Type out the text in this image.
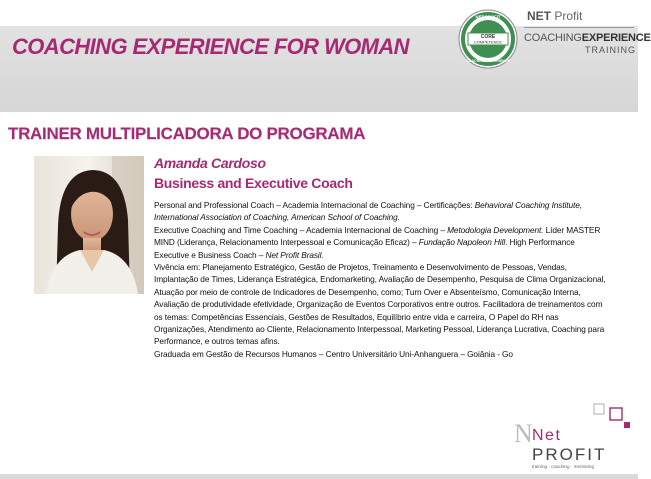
COACHING EXPERIENCE FOR WOMAN
NET PROFIT
CORE
COMPETENCE
COACHING EXPERIENCE
NET Profit
COACHINGEXPERIENCE
TRAINING
TRAINER MULTIPLICADORA DO PROGRAMA
Amanda Cardoso
Business and Executive Coach

Personal and Professional Coach – Academia Internacional de Coaching – Certificações: Behavioral Coaching Institute, International Association of Coaching, American School of Coaching.

Executive Coaching and Time Coaching – Academia Internacional de Coaching – Metodologia Development. Líder MASTER MIND (Liderança, Relacionamento Interpessoal e Comunicação Eficaz) – Fundação Napoleon Hill. High Performance Executive e Business Coach – Net Profit Brasil.

Vivência em: Planejamento Estratégico, Gestão de Projetos, Treinamento e Desenvolvimento de Pessoas, Vendas, Implantação de Times, Liderança Estratégica, Endomarketing, Avaliação de Desempenho, Pesquisa de Clima Organizacional, Atuação por meio de controle de Indicadores de Desempenho, como; Turn Over e Absenteísmo, Comunicação Interna, Avaliação de produtividade efetividade, Organização de Eventos Corporativos entre outros. Facilitadora de treinamentos com os temas: Competências Essenciais, Gestões de Resultados, Equilíbrio entre vida e carreira, O Papel do RH nas Organizações, Atendimento ao Cliente, Relacionamento Interpessoal, Marketing Pessoal, Liderança Lucrativa, Coaching para Performance, e outros temas afins.

Graduada em Gestão de Recursos Humanos – Centro Universitário Uni-Anhanguera – Goiânia - Go

N Net
PROFIT
training · coaching · mentoring
